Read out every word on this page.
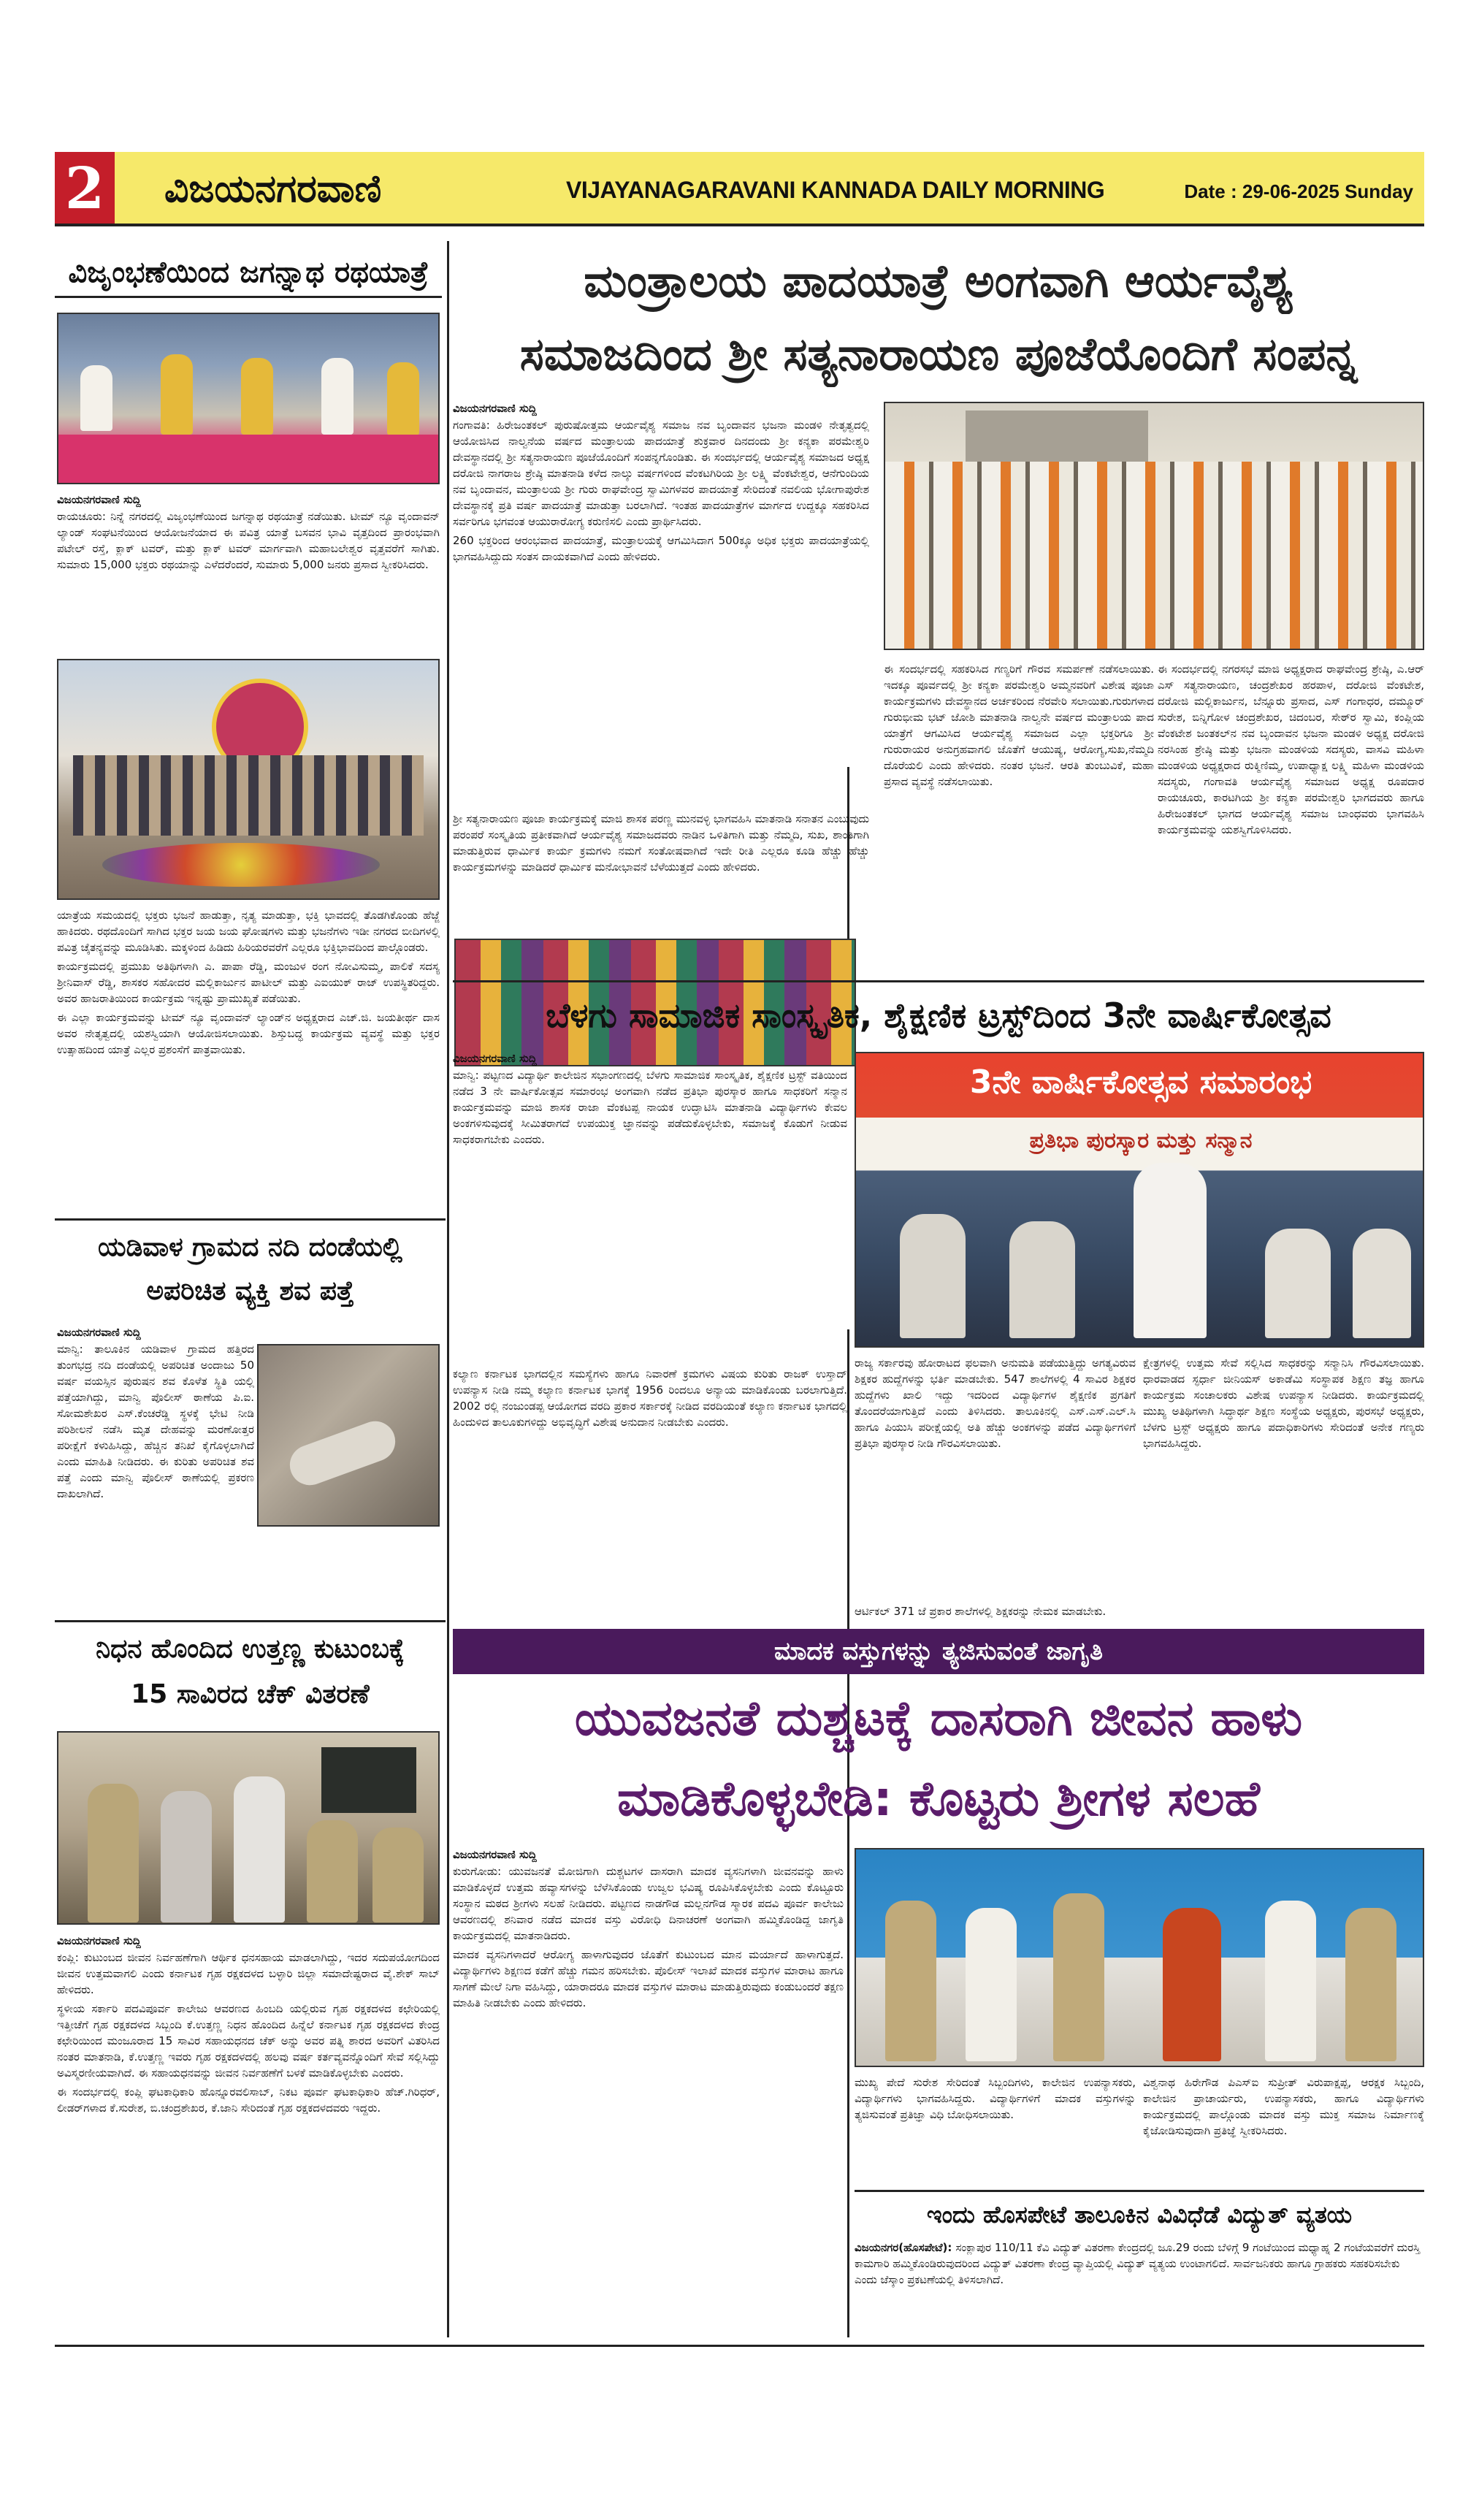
2 ವಿಜಯನಗರವಾಣಿ	VIJAYANAGARAVANI KANNADA DAILY MORNING	Date : 29-06-2025 Sunday
ವಿಜೃಂಭಣೆಯಿಂದ ಜಗನ್ನಾಥ ರಥಯಾತ್ರೆ
ವಿಜಯನಗರವಾಣಿ ಸುದ್ದಿ
ರಾಯಚೂರು: ನಿನ್ನೆ ನಗರದಲ್ಲಿ ವಿಜೃಂಭಣೆಯಿಂದ ಜಗನ್ನಾಥ ರಥಯಾತ್ರೆ ನಡೆಯಿತು. ಟೀಮ್ ನ್ಯೂ ವೃಂದಾವನ್ ಲ್ಯಾಂಡ್ ಸಂಘಟನೆಯಿಂದ ಆಯೋಜನೆಯಾದ ಈ ಪವಿತ್ರ ಯಾತ್ರೆ ಬಸವನ ಭಾವಿ ವೃತ್ತದಿಂದ ಪ್ರಾರಂಭವಾಗಿ ಪಟೇಲ್ ರಸ್ತೆ, ಕ್ಲಾಕ್ ಟವರ್, ಮತ್ತು ಕ್ಲಾಕ್ ಟವರ್ ಮಾರ್ಗವಾಗಿ ಮಹಾಬಲೇಶ್ವರ ವೃತ್ತವರೆಗೆ ಸಾಗಿತು. ಸುಮಾರು 15,000 ಭಕ್ತರು ರಥಯಾನ್ನು ಎಳೆದರೆಂದರೆ, ಸುಮಾರು 5,000 ಜನರು ಪ್ರಸಾದ ಸ್ವೀಕರಿಸಿದರು.
ಯಾತ್ರೆಯ ಸಮಯದಲ್ಲಿ ಭಕ್ತರು ಭಜನೆ ಹಾಡುತ್ತಾ, ನೃತ್ಯ ಮಾಡುತ್ತಾ, ಭಕ್ತಿ ಭಾವದಲ್ಲಿ ತೊಡಗಿಕೊಂಡು ಹೆಜ್ಜೆ ಹಾಕಿದರು. ರಥದೊಂದಿಗೆ ಸಾಗಿದ ಭಕ್ತರ ಜಯ ಜಯ ಘೋಷಗಳು ಮತ್ತು ಭಜನೆಗಳು ಇಡೀ ನಗರದ ಬೀದಿಗಳಲ್ಲಿ ಪವಿತ್ರ ಚೈತನ್ಯವನ್ನು ಮೂಡಿಸಿತು. ಮಕ್ಕಳಿಂದ ಹಿಡಿದು ಹಿರಿಯರವರೆಗೆ ಎಲ್ಲರೂ ಭಕ್ತಿಭಾವದಿಂದ ಪಾಲ್ಗೊಂಡರು.
ಕಾರ್ಯಕ್ರಮದಲ್ಲಿ ಪ್ರಮುಖ ಅತಿಥಿಗಳಾಗಿ ಎ. ಪಾಪಾ ರೆಡ್ಡಿ, ಮಂಜುಳ ರಂಗ ನೋವಿಸುಮ್ಮ, ಪಾಲಿಕೆ ಸದಸ್ಯ ಶ್ರೀನಿವಾಸ್ ರೆಡ್ಡಿ, ಶಾಸಕರ ಸಹೋದರ ಮಲ್ಲಿಕಾರ್ಜುನ ಪಾಟೀಲ್ ಮತ್ತು ಎಐಯುಕ್ ರಾಜ್ ಉಪಸ್ಥಿತರಿದ್ದರು. ಅವರ ಹಾಜರಾತಿಯಿಂದ ಕಾರ್ಯಕ್ರಮ ಇನ್ನಷ್ಟು ಪ್ರಾಮುಖ್ಯತೆ ಪಡೆಯಿತು.
ಈ ಎಲ್ಲಾ ಕಾರ್ಯಕ್ರಮವನ್ನು ಟೀಮ್ ನ್ಯೂ ವೃಂದಾವನ್ ಲ್ಯಾಂಡ್‌ನ ಅಧ್ಯಕ್ಷರಾದ ಎಚ್.ಜಿ. ಜಯತೀರ್ಥ ದಾಸ ಅವರ ನೇತೃತ್ವದಲ್ಲಿ ಯಶಸ್ವಿಯಾಗಿ ಆಯೋಜಿಸಲಾಯಿತು. ಶಿಸ್ತುಬದ್ಧ ಕಾರ್ಯಕ್ರಮ ವ್ಯವಸ್ಥೆ ಮತ್ತು ಭಕ್ತರ ಉತ್ಸಾಹದಿಂದ ಯಾತ್ರೆ ಎಲ್ಲರ ಪ್ರಶಂಸೆಗೆ ಪಾತ್ರವಾಯಿತು.
ಯಡಿವಾಳ ಗ್ರಾಮದ ನದಿ ದಂಡೆಯಲ್ಲಿ
ಅಪರಿಚಿತ ವ್ಯಕ್ತಿ ಶವ ಪತ್ತೆ
ವಿಜಯನಗರವಾಣಿ ಸುದ್ದಿ
ಮಾನ್ವಿ: ತಾಲೂಕಿನ ಯಡಿವಾಳ ಗ್ರಾಮದ ಹತ್ತಿರದ ತುಂಗಭದ್ರ ನದಿ ದಂಡೆಯಲ್ಲಿ ಅಪರಿಚಿತ ಅಂದಾಜು 50 ವರ್ಷ ವಯಸ್ಸಿನ ಪುರುಷನ ಶವ ಕೊಳೆತ ಸ್ಥಿತಿ ಯಲ್ಲಿ ಪತ್ತೆಯಾಗಿದ್ದು, ಮಾನ್ವಿ ಪೊಲೀಸ್ ಠಾಣೆಯ ಪಿ.ಐ. ಸೋಮಶೇಖರ ಎಸ್.ಕೆಂಚರೆಡ್ಡಿ ಸ್ಥಳಕ್ಕೆ ಭೇಟಿ ನೀಡಿ ಪರಿಶೀಲನೆ ನಡೆಸಿ ಮೃತ ದೇಹವನ್ನು ಮರಣೋತ್ತರ ಪರೀಕ್ಷೆಗೆ ಕಳುಹಿಸಿದ್ದು, ಹೆಚ್ಚಿನ ತನಿಖೆ ಕೈಗೊಳ್ಳಲಾಗಿದೆ ಎಂದು ಮಾಹಿತಿ ನೀಡಿದರು. ಈ ಕುರಿತು ಅಪರಿಚಿತ ಶವ ಪತ್ತೆ ಎಂದು ಮಾನ್ವಿ ಪೊಲೀಸ್ ಠಾಣೆಯಲ್ಲಿ ಪ್ರಕರಣ ದಾಖಲಾಗಿದೆ.
ನಿಧನ ಹೊಂದಿದ ಉತ್ತಣ್ಣ ಕುಟುಂಬಕ್ಕೆ
15 ಸಾವಿರದ ಚೆಕ್ ವಿತರಣೆ
ವಿಜಯನಗರವಾಣಿ ಸುದ್ದಿ
ಕಂಪ್ಲಿ: ಕುಟುಂಬದ ಜೀವನ ನಿರ್ವಹಣೆಗಾಗಿ ಆರ್ಥಿಕ ಧನಸಹಾಯ ಮಾಡಲಾಗಿದ್ದು, ಇದರ ಸದುಪಯೋಗದಿಂದ ಜೀವನ ಉತ್ತಮವಾಗಲಿ ಎಂದು ಕರ್ನಾಟಕ ಗೃಹ ರಕ್ಷಕದಳದ ಬಳ್ಳಾರಿ ಜಿಲ್ಲಾ ಸಮಾದೇಷ್ಟರಾದ ವೈ.ಶೇಕ್ ಸಾಬ್ ಹೇಳಿದರು.
ಸ್ಥಳೀಯ ಸರ್ಕಾರಿ ಪದವಿಪೂರ್ವ ಕಾಲೇಜು ಆವರಣದ ಹಿಂಬದಿ ಯಲ್ಲಿರುವ ಗೃಹ ರಕ್ಷಕದಳದ ಕಛೇರಿಯಲ್ಲಿ ಇತ್ತೀಚೆಗೆ ಗೃಹ ರಕ್ಷಕದಳದ ಸಿಬ್ಬಂದಿ ಕೆ.ಉತ್ತಣ್ಣ ನಿಧನ ಹೊಂದಿದ ಹಿನ್ನೆಲೆ ಕರ್ನಾಟಕ ಗೃಹ ರಕ್ಷಕದಳದ ಕೇಂದ್ರ ಕಛೇರಿಯಿಂದ ಮಂಜೂರಾದ 15 ಸಾವಿರ ಸಹಾಯಧನದ ಚೆಕ್ ಅನ್ನು ಅವರ ಪತ್ನಿ ಶಾರದ ಅವರಿಗೆ ವಿತರಿಸಿದ ನಂತರ ಮಾತನಾಡಿ, ಕೆ.ಉತ್ತಣ್ಣ ಇವರು ಗೃಹ ರಕ್ಷಕದಳದಲ್ಲಿ ಹಲವು ವರ್ಷ ಕರ್ತವ್ಯವನ್ನೊಂದಿಗೆ ಸೇವೆ ಸಲ್ಲಿಸಿದ್ದು ಅವಿಸ್ಮರಣೀಯವಾಗಿದೆ. ಈ ಸಹಾಯಧನವನ್ನು ಜೀವನ ನಿರ್ವಹಣೆಗೆ ಬಳಕೆ ಮಾಡಿಕೊಳ್ಳಬೇಕು ಎಂದರು.
ಈ ಸಂದರ್ಭದಲ್ಲಿ ಕಂಪ್ಲಿ ಘಟಕಾಧಿಕಾರಿ ಹೊನ್ನೂರವಲಿಸಾಬ್, ನಿಕಟ ಪೂರ್ವ ಘಟಕಾಧಿಕಾರಿ ಹೆಚ್.ಗಿರಿಧರ್, ಲೀಡರ್‌ಗಳಾದ ಕೆ.ಸುರೇಶ, ಬಿ.ಚಂದ್ರಶೇಖರ, ಕೆ.ಜಾನಿ ಸೇರಿದಂತೆ ಗೃಹ ರಕ್ಷಕದಳದವರು ಇದ್ದರು.
ಮಂತ್ರಾಲಯ ಪಾದಯಾತ್ರೆ ಅಂಗವಾಗಿ ಆರ್ಯವೈಶ್ಯ
ಸಮಾಜದಿಂದ ಶ್ರೀ ಸತ್ಯನಾರಾಯಣ ಪೂಜೆಯೊಂದಿಗೆ ಸಂಪನ್ನ
ವಿಜಯನಗರವಾಣಿ ಸುದ್ದಿ
ಗಂಗಾವತಿ: ಹಿರೇಜಂತಕಲ್ ಪುರುಷೋತ್ತಮ ಆರ್ಯವೈಶ್ಯ ಸಮಾಜ ನವ ಬೃಂದಾವನ ಭಜನಾ ಮಂಡಳಿ ನೇತೃತ್ವದಲ್ಲಿ ಆಯೋಜಿಸಿದ ನಾಲ್ವನೆಯ ವರ್ಷದ ಮಂತ್ರಾಲಯ ಪಾದಯಾತ್ರೆ ಶುಕ್ರವಾರ ದಿನದಂದು ಶ್ರೀ ಕನ್ಯಕಾ ಪರಮೇಶ್ವರಿ ದೇವಸ್ಥಾನದಲ್ಲಿ ಶ್ರೀ ಸತ್ಯನಾರಾಯಣ ಪೂಜೆಯೊಂದಿಗೆ ಸಂಪನ್ನಗೊಂಡಿತು. ಈ ಸಂದರ್ಭದಲ್ಲಿ ಆರ್ಯವೈಶ್ಯ ಸಮಾಜದ ಅಧ್ಯಕ್ಷ ದರೋಜಿ ನಾಗರಾಜ ಶ್ರೇಷ್ಠಿ ಮಾತನಾಡಿ ಕಳೆದ ನಾಲ್ಕು ವರ್ಷಗಳಿಂದ ವೆಂಕಟಗಿರಿಯ ಶ್ರೀ ಲಕ್ಷ್ಮಿ ವೆಂಕಟೇಶ್ವರ, ಆನೆಗುಂದಿಯ ನವ ಬೃಂದಾವನ, ಮಂತ್ರಾಲಯ ಶ್ರೀ ಗುರು ರಾಘವೇಂದ್ರ ಸ್ವಾಮಿಗಳವರ ಪಾದಯಾತ್ರೆ ಸೇರಿದಂತೆ ನವಲಿಯ ಭೋಗಾಪುರೇಶ ದೇವಸ್ಥಾನಕ್ಕೆ ಪ್ರತಿ ವರ್ಷ ಪಾದಯಾತ್ರೆ ಮಾಡುತ್ತಾ ಬರಲಾಗಿದೆ. ಇಂತಹ ಪಾದಯಾತ್ರೆಗಳ ಮಾರ್ಗದ ಉದ್ದಕ್ಕೂ ಸಹಕರಿಸಿದ ಸರ್ವರಿಗೂ ಭಗವಂತ ಆಯುರಾರೋಗ್ಯ ಕರುಣಿಸಲಿ ಎಂದು ಪ್ರಾರ್ಥಿಸಿದರು.
260 ಭಕ್ತರಿಂದ ಆರಂಭವಾದ ಪಾದಯಾತ್ರೆ, ಮಂತ್ರಾಲಯಕ್ಕೆ ಆಗಮಿಸಿದಾಗ 500ಕ್ಕೂ ಅಧಿಕ ಭಕ್ತರು ಪಾದಯಾತ್ರೆಯಲ್ಲಿ ಭಾಗವಹಿಸಿದ್ದುದು ಸಂತಸ ದಾಯಕವಾಗಿದೆ ಎಂದು ಹೇಳಿದರು.
ಶ್ರೀ ಸತ್ಯನಾರಾಯಣ ಪೂಜಾ ಕಾರ್ಯಕ್ರಮಕ್ಕೆ ಮಾಜಿ ಶಾಸಕ ಪರಣ್ಣ ಮುನವಳ್ಳಿ ಭಾಗವಹಿಸಿ ಮಾತನಾಡಿ ಸನಾತನ ಎಂಬುವುದು ಪರಂಪರೆ ಸಂಸ್ಕೃತಿಯ ಪ್ರತೀಕವಾಗಿದೆ ಆರ್ಯವೈಶ್ಯ ಸಮಾಜದವರು ನಾಡಿನ ಒಳಿತಿಗಾಗಿ ಮತ್ತು ನೆಮ್ಮದಿ, ಸುಖ, ಶಾಂತಿಗಾಗಿ ಮಾಡುತ್ತಿರುವ ಧಾರ್ಮಿಕ ಕಾರ್ಯ ಕ್ರಮಗಳು ನಮಗೆ ಸಂತೋಷವಾಗಿದೆ ಇದೇ ರೀತಿ ಎಲ್ಲರೂ ಕೂಡಿ ಹೆಚ್ಚು ಹೆಚ್ಚು ಕಾರ್ಯಕ್ರಮಗಳನ್ನು ಮಾಡಿದರೆ ಧಾರ್ಮಿಕ ಮನೋಭಾವನೆ ಬೆಳೆಯುತ್ತದೆ ಎಂದು ಹೇಳಿದರು.
ಈ ಸಂದರ್ಭದಲ್ಲಿ ಸಹಕರಿಸಿದ ಗಣ್ಯರಿಗೆ ಗೌರವ ಸಮರ್ಪಣೆ ನಡೆಸಲಾಯಿತು. ಇದಕ್ಕೂ ಪೂರ್ವದಲ್ಲಿ ಶ್ರೀ ಕನ್ಯಕಾ ಪರಮೇಶ್ವರಿ ಅಮ್ಮನವರಿಗೆ ವಿಶೇಷ ಪೂಜಾ ಕಾರ್ಯಕ್ರಮಗಳು ದೇವಸ್ಥಾನದ ಅರ್ಚಕರಿಂದ ನೆರವೇರಿ ಸಲಾಯಿತು.ಗುರುಗಳಾದ ಗುರುಭೀಮ ಭಟ್ ಜೋಶಿ ಮಾತನಾಡಿ ನಾಲ್ವನೇ ವರ್ಷದ ಮಂತ್ರಾಲಯ ಪಾದ ಯಾತ್ರೆಗೆ ಆಗಮಿಸಿದ ಆರ್ಯವೈಶ್ಯ ಸಮಾಜದ ಎಲ್ಲಾ ಭಕ್ತರಿಗೂ ಶ್ರೀ ಗುರುರಾಯರ ಅನುಗ್ರಹವಾಗಲಿ ಜೊತೆಗೆ ಆಯುಷ್ಯ, ಆರೋಗ್ಯ,ಸುಖ,ನೆಮ್ಮದಿ ದೊರೆಯಲಿ ಎಂದು ಹೇಳಿದರು. ನಂತರ ಭಜನೆ. ಆರತಿ ತುಂಬುವಿಕೆ, ಮಹಾ ಪ್ರಸಾದ ವ್ಯವಸ್ಥೆ ನಡೆಸಲಾಯಿತು.
ಈ ಸಂದರ್ಭದಲ್ಲಿ ನಗರಸಭೆ ಮಾಜಿ ಅಧ್ಯಕ್ಷರಾದ ರಾಘವೇಂದ್ರ ಶ್ರೇಷ್ಠಿ, ಎ.ಆರ್ ಎಸ್ ಸತ್ಯನಾರಾಯಣ, ಚಂದ್ರಶೇಖರ ಹರಪಾಳ, ದರೋಜಿ ವೆಂಕಟೇಶ, ದರೋಜಿ ಮಲ್ಲಿಕಾರ್ಜುನ, ಬೆನ್ನೂರು ಪ್ರಸಾದ, ಎಸ್ ಗಂಗಾಧರ, ದಮ್ಮೂರ್ ಸುರೇಶ, ಬಿನ್ನಿಗೋಳ ಚಂದ್ರಶೇಖರ, ಚಿದಂಬರ, ಸೇಠ್‌ರ ಸ್ವಾಮಿ, ಕಂಪ್ಲಿಯ ವೆಂಕಟೇಶ ಜಂತಕಲ್‌ನ ನವ ಬೃಂದಾವನ ಭಜನಾ ಮಂಡಳಿ ಅಧ್ಯಕ್ಷ ದರೋಜಿ ನರಸಿಂಹ ಶ್ರೇಷ್ಠಿ ಮತ್ತು ಭಜನಾ ಮಂಡಳಿಯ ಸದಸ್ಯರು, ವಾಸವಿ ಮಹಿಳಾ ಮಂಡಳಿಯ ಅಧ್ಯಕ್ಷರಾದ ರುಕ್ಮಿಣಿಮ್ಮ, ಉಪಾಧ್ಯಾಕ್ಷ ಲಕ್ಷ್ಮಿ ಮಹಿಳಾ ಮಂಡಳಿಯ ಸದಸ್ಯರು, ಗಂಗಾವತಿ ಆರ್ಯವೈಶ್ಯ ಸಮಾಜದ ಅಧ್ಯಕ್ಷ ರೂಪದಾರ ರಾಯಚೂರು, ಕಾರಟಗಿಯ ಶ್ರೀ ಕನ್ಯಕಾ ಪರಮೇಶ್ವರಿ ಭಾಗದವರು ಹಾಗೂ ಹಿರೇಜಂತಕಲ್ ಭಾಗದ ಆರ್ಯವೈಶ್ಯ ಸಮಾಜ ಬಾಂಧವರು ಭಾಗವಹಿಸಿ ಕಾರ್ಯಕ್ರಮವನ್ನು ಯಶಸ್ವಿಗೊಳಿಸಿದರು.
ಬೆಳಗು ಸಾಮಾಜಿಕ ಸಾಂಸ್ಕೃತಿಕ, ಶೈಕ್ಷಣಿಕ ಟ್ರಸ್ಟ್‌ದಿಂದ 3ನೇ ವಾರ್ಷಿಕೋತ್ಸವ
ವಿಜಯನಗರವಾಣಿ ಸುದ್ದಿ
ಮಾನ್ವಿ: ಪಟ್ಟಣದ ವಿದ್ಯಾರ್ಥಿ ಕಾಲೇಜಿನ ಸಭಾಂಗಣದಲ್ಲಿ ಬೆಳಗು ಸಾಮಾಜಿಕ ಸಾಂಸ್ಕೃತಿಕ, ಶೈಕ್ಷಣಿಕ ಟ್ರಸ್ಟ್ ವತಿಯಿಂದ ನಡೆದ 3 ನೇ ವಾರ್ಷಿಕೋತ್ಸವ ಸಮಾರಂಭ ಅಂಗವಾಗಿ ನಡೆದ ಪ್ರತಿಭಾ ಪುರಸ್ಕಾರ ಹಾಗೂ ಸಾಧಕರಿಗೆ ಸನ್ಮಾನ ಕಾರ್ಯಕ್ರಮವನ್ನು ಮಾಜಿ ಶಾಸಕ ರಾಜಾ ವೆಂಕಟಪ್ಪ ನಾಯಕ ಉದ್ಘಾಟಿಸಿ ಮಾತನಾಡಿ ವಿದ್ಯಾರ್ಥಿಗಳು ಕೇವಲ ಅಂಕಗಳಿಸುವುದಕ್ಕೆ ಸೀಮಿತರಾಗದೆ ಉಪಯುಕ್ತ ಜ್ಞಾನವನ್ನು ಪಡೆದುಕೊಳ್ಳಬೇಕು, ಸಮಾಜಕ್ಕೆ ಕೊಡುಗೆ ನೀಡುವ ಸಾಧಕರಾಗಬೇಕು ಎಂದರು.
ಕಲ್ಯಾಣ ಕರ್ನಾಟಕ ಭಾಗದಲ್ಲಿನ ಸಮಸ್ಯೆಗಳು ಹಾಗೂ ನಿವಾರಣೆ ಕ್ರಮಗಳು ವಿಷಯ ಕುರಿತು ರಾಜಕ್ ಉಸ್ತಾದ್ ಉಪನ್ಯಾಸ ನೀಡಿ ನಮ್ಮ ಕಲ್ಯಾಣ ಕರ್ನಾಟಕ ಭಾಗಕ್ಕೆ 1956 ರಿಂದಲೂ ಅನ್ಯಾಯ ಮಾಡಿಕೊಂಡು ಬರಲಾಗುತ್ತಿದೆ. 2002 ರಲ್ಲಿ ನಂಜುಂಡಪ್ಪ ಆಯೋಗದ ವರದಿ ಪ್ರಕಾರ ಸರ್ಕಾರಕ್ಕೆ ನೀಡಿದ ವರದಿಯಂತೆ ಕಲ್ಯಾಣ ಕರ್ನಾಟಕ ಭಾಗದಲ್ಲಿ ಹಿಂದುಳಿದ ತಾಲೂಕುಗಳಿದ್ದು ಅಭಿವೃದ್ಧಿಗೆ ವಿಶೇಷ ಅನುದಾನ ನೀಡಬೇಕು ಎಂದರು.
3ನೇ ವಾರ್ಷಿಕೋತ್ಸವ ಸಮಾರಂಭ
ಪ್ರತಿಭಾ ಪುರಸ್ಕಾರ ಮತ್ತು ಸನ್ಮಾನ
ರಾಜ್ಯ ಸರ್ಕಾರವು ಹೋರಾಟದ ಫಲವಾಗಿ ಅನುಮತಿ ಪಡೆಯುತ್ತಿದ್ದು ಅಗತ್ಯವಿರುವ ಶಿಕ್ಷಕರ ಹುದ್ದೆಗಳನ್ನು ಭರ್ತಿ ಮಾಡಬೇಕು. 547 ಶಾಲೆಗಳಲ್ಲಿ 4 ಸಾವಿರ ಶಿಕ್ಷಕರ ಹುದ್ದೆಗಳು ಖಾಲಿ ಇದ್ದು ಇದರಿಂದ ವಿದ್ಯಾರ್ಥಿಗಳ ಶೈಕ್ಷಣಿಕ ಪ್ರಗತಿಗೆ ತೊಂದರೆಯಾಗುತ್ತಿದೆ ಎಂದು ತಿಳಿಸಿದರು. ತಾಲೂಕಿನಲ್ಲಿ ಎಸ್.ಎಸ್.ಎಲ್.ಸಿ ಹಾಗೂ ಪಿಯುಸಿ ಪರೀಕ್ಷೆಯಲ್ಲಿ ಅತಿ ಹೆಚ್ಚು ಅಂಕಗಳನ್ನು ಪಡೆದ ವಿದ್ಯಾರ್ಥಿಗಳಿಗೆ ಪ್ರತಿಭಾ ಪುರಸ್ಕಾರ ನೀಡಿ ಗೌರವಿಸಲಾಯಿತು.
ಆರ್ಟಿಕಲ್ 371 ಜೆ ಪ್ರಕಾರ ಶಾಲೆಗಳಲ್ಲಿ ಶಿಕ್ಷಕರನ್ನು ನೇಮಕ ಮಾಡಬೇಕು.
ಕ್ಷೇತ್ರಗಳಲ್ಲಿ ಉತ್ತಮ ಸೇವೆ ಸಲ್ಲಿಸಿದ ಸಾಧಕರನ್ನು ಸನ್ಮಾನಿಸಿ ಗೌರವಿಸಲಾಯಿತು. ಧಾರವಾಡದ ಸ್ಫರ್ಧಾ ಜೀನಿಯಸ್ ಅಕಾಡೆಮಿ ಸಂಸ್ಥಾಪಕ ಶಿಕ್ಷಣ ತಜ್ಞ ಹಾಗೂ ಕಾರ್ಯಕ್ರಮ ಸಂಚಾಲಕರು ವಿಶೇಷ ಉಪನ್ಯಾಸ ನೀಡಿದರು. ಕಾರ್ಯಕ್ರಮದಲ್ಲಿ ಮುಖ್ಯ ಅತಿಥಿಗಳಾಗಿ ಸಿದ್ಧಾರ್ಥ ಶಿಕ್ಷಣ ಸಂಸ್ಥೆಯ ಅಧ್ಯಕ್ಷರು, ಪುರಸಭೆ ಅಧ್ಯಕ್ಷರು, ಬೆಳಗು ಟ್ರಸ್ಟ್ ಅಧ್ಯಕ್ಷರು ಹಾಗೂ ಪದಾಧಿಕಾರಿಗಳು ಸೇರಿದಂತೆ ಅನೇಕ ಗಣ್ಯರು ಭಾಗವಹಿಸಿದ್ದರು.
ಮಾದಕ ವಸ್ತುಗಳನ್ನು ತ್ಯಜಿಸುವಂತೆ ಜಾಗೃತಿ
ಯುವಜನತೆ ದುಶ್ಚಟಕ್ಕೆ ದಾಸರಾಗಿ ಜೀವನ ಹಾಳು
ಮಾಡಿಕೊಳ್ಳಬೇಡಿ: ಕೊಟ್ಟರು ಶ್ರೀಗಳ ಸಲಹೆ
ವಿಜಯನಗರವಾಣಿ ಸುದ್ದಿ
ಕುರುಗೋಡು: ಯುವಜನತೆ ಮೋಜಿಗಾಗಿ ದುಶ್ಚಟಗಳ ದಾಸರಾಗಿ ಮಾದಕ ವ್ಯಸನಿಗಳಾಗಿ ಜೀವನವನ್ನು ಹಾಳು ಮಾಡಿಕೊಳ್ಳದೆ ಉತ್ತಮ ಹವ್ಯಾಸಗಳನ್ನು ಬೆಳೆಸಿಕೊಂಡು ಉಜ್ವಲ ಭವಿಷ್ಯ ರೂಪಿಸಿಕೊಳ್ಳಬೇಕು ಎಂದು ಕೊಟ್ಟೂರು ಸಂಸ್ಥಾನ ಮಠದ ಶ್ರೀಗಳು ಸಲಹೆ ನೀಡಿದರು. ಪಟ್ಟಣದ ನಾಡಗೌಡ ಮಲ್ಲನಗೌಡ ಸ್ಮಾರಕ ಪದವಿ ಪೂರ್ವ ಕಾಲೇಜು ಆವರಣದಲ್ಲಿ ಶನಿವಾರ ನಡೆದ ಮಾದಕ ವಸ್ತು ವಿರೋಧಿ ದಿನಾಚರಣೆ ಅಂಗವಾಗಿ ಹಮ್ಮಿಕೊಂಡಿದ್ದ ಜಾಗೃತಿ ಕಾರ್ಯಕ್ರಮದಲ್ಲಿ ಮಾತನಾಡಿದರು.
ಮಾದಕ ವ್ಯಸನಿಗಳಾದರೆ ಆರೋಗ್ಯ ಹಾಳಾಗುವುದರ ಜೊತೆಗೆ ಕುಟುಂಬದ ಮಾನ ಮರ್ಯಾದೆ ಹಾಳಾಗುತ್ತದೆ. ವಿದ್ಯಾರ್ಥಿಗಳು ಶಿಕ್ಷಣದ ಕಡೆಗೆ ಹೆಚ್ಚು ಗಮನ ಹರಿಸಬೇಕು. ಪೊಲೀಸ್ ಇಲಾಖೆ ಮಾದಕ ವಸ್ತುಗಳ ಮಾರಾಟ ಹಾಗೂ ಸಾಗಣೆ ಮೇಲೆ ನಿಗಾ ವಹಿಸಿದ್ದು, ಯಾರಾದರೂ ಮಾದಕ ವಸ್ತುಗಳ ಮಾರಾಟ ಮಾಡುತ್ತಿರುವುದು ಕಂಡುಬಂದರೆ ತಕ್ಷಣ ಮಾಹಿತಿ ನೀಡಬೇಕು ಎಂದು ಹೇಳಿದರು.
ಮುಖ್ಯ ಪೇದೆ ಸುರೇಶ ಸೇರಿದಂತೆ ಸಿಬ್ಬಂದಿಗಳು, ಕಾಲೇಜಿನ ಉಪನ್ಯಾಸಕರು, ವಿದ್ಯಾರ್ಥಿಗಳು ಭಾಗವಹಿಸಿದ್ದರು. ವಿದ್ಯಾರ್ಥಿಗಳಿಗೆ ಮಾದಕ ವಸ್ತುಗಳನ್ನು ತ್ಯಜಿಸುವಂತೆ ಪ್ರತಿಜ್ಞಾ ವಿಧಿ ಬೋಧಿಸಲಾಯಿತು.
ವಿಶ್ವನಾಥ ಹಿರೇಗೌಡ ಪಿಎಸ್‌ಐ ಸುಪ್ರೀತ್ ವಿರುಪಾಕ್ಷಪ್ಪ, ಆರಕ್ಷಕ ಸಿಬ್ಬಂದಿ, ಕಾಲೇಜಿನ ಪ್ರಾಚಾರ್ಯರು, ಉಪನ್ಯಾಸಕರು, ಹಾಗೂ ವಿದ್ಯಾರ್ಥಿಗಳು ಕಾರ್ಯಕ್ರಮದಲ್ಲಿ ಪಾಲ್ಗೊಂಡು ಮಾದಕ ವಸ್ತು ಮುಕ್ತ ಸಮಾಜ ನಿರ್ಮಾಣಕ್ಕೆ ಕೈಜೋಡಿಸುವುದಾಗಿ ಪ್ರತಿಜ್ಞೆ ಸ್ವೀಕರಿಸಿದರು.
ಇಂದು ಹೊಸಪೇಟೆ ತಾಲೂಕಿನ ವಿವಿಧೆಡೆ ವಿದ್ಯುತ್ ವ್ಯತಯ
ವಿಜಯನಗರ(ಹೊಸಪೇಟೆ): ಸಂಕ್ಲಾಪುರ 110/11 ಕೆವಿ ವಿದ್ಯುತ್ ವಿತರಣಾ ಕೇಂದ್ರದಲ್ಲಿ ಜೂ.29 ರಂದು ಬೆಳಿಗ್ಗೆ 9 ಗಂಟೆಯಿಂದ ಮಧ್ಯಾಹ್ನ 2 ಗಂಟೆಯವರೆಗೆ ದುರಸ್ತಿ ಕಾಮಗಾರಿ ಹಮ್ಮಿಕೊಂಡಿರುವುದರಿಂದ ವಿದ್ಯುತ್ ವಿತರಣಾ ಕೇಂದ್ರ ವ್ಯಾಪ್ತಿಯಲ್ಲಿ ವಿದ್ಯುತ್ ವ್ಯತ್ಯಯ ಉಂಟಾಗಲಿದೆ. ಸಾರ್ವಜನಿಕರು ಹಾಗೂ ಗ್ರಾಹಕರು ಸಹಕರಿಸಬೇಕು ಎಂದು ಜೆಸ್ಕಾಂ ಪ್ರಕಟಣೆಯಲ್ಲಿ ತಿಳಿಸಲಾಗಿದೆ.
